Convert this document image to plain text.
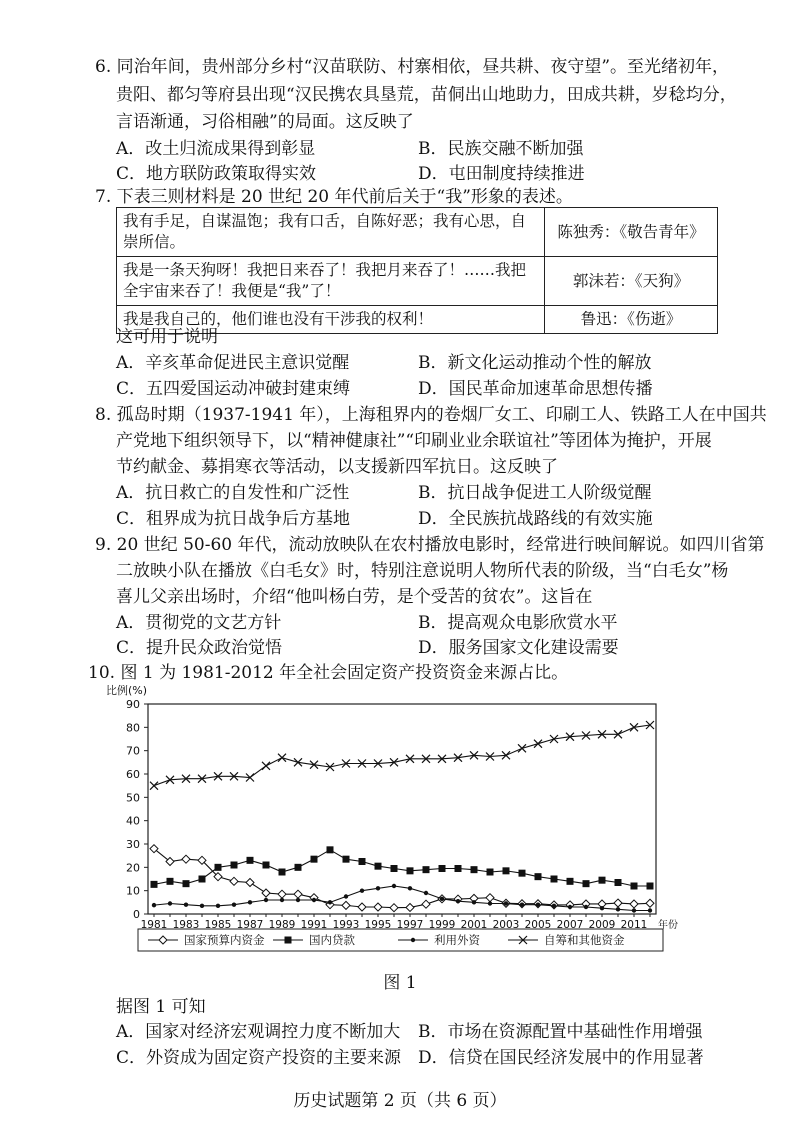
6. 同治年间，贵州部分乡村“汉苗联防、村寨相依，昼共耕、夜守望”。至光绪初年，
贵阳、都匀等府县出现“汉民携农具垦荒，苗侗出山地助力，田成共耕，岁稔均分，
言语渐通，习俗相融”的局面。这反映了
A．改土归流成果得到彰显	B．民族交融不断加强
C．地方联防政策取得实效	D．屯田制度持续推进
7. 下表三则材料是 20 世纪 20 年代前后关于“我”形象的表述。
我有手足，自谋温饱；我有口舌，自陈好恶；我有心思，自崇所信。	陈独秀：《敬告青年》
我是一条天狗呀！我把日来吞了！我把月来吞了！……我把全宇宙来吞了！我便是“我”了！	郭沫若：《天狗》
我是我自己的，他们谁也没有干涉我的权利！	鲁迅：《伤逝》
这可用于说明
A．辛亥革命促进民主意识觉醒	B．新文化运动推动个性的解放
C．五四爱国运动冲破封建束缚	D．国民革命加速革命思想传播
8. 孤岛时期（1937-1941 年），上海租界内的卷烟厂女工、印刷工人、铁路工人在中国共
产党地下组织领导下，以“精神健康社”“印刷业业余联谊社”等团体为掩护，开展
节约献金、募捐寒衣等活动，以支援新四军抗日。这反映了
A．抗日救亡的自发性和广泛性	B．抗日战争促进工人阶级觉醒
C．租界成为抗日战争后方基地	D．全民族抗战路线的有效实施
9. 20 世纪 50-60 年代，流动放映队在农村播放电影时，经常进行映间解说。如四川省第
二放映小队在播放《白毛女》时，特别注意说明人物所代表的阶级，当“白毛女”杨
喜儿父亲出场时，介绍“他叫杨白劳，是个受苦的贫农”。这旨在
A．贯彻党的文艺方针	B．提高观众电影欣赏水平
C．提升民众政治觉悟	D．服务国家文化建设需要
10. 图 1 为 1981-2012 年全社会固定资产投资资金来源占比。
0
10
20
30
40
50
60
70
80
90
比例(%)
1981 1983 1985 1987 1989 1991 1993 1995 1997 1999 2001 2003 2005 2007 2009 2011 年份
国家预算内资金	国内贷款	利用外资	自筹和其他资金
图 1
据图 1 可知
A．国家对经济宏观调控力度不断加大 B．市场在资源配置中基础性作用增强
C．外资成为固定资产投资的主要来源 D．信贷在国民经济发展中的作用显著
历史试题第 2 页（共 6 页）
